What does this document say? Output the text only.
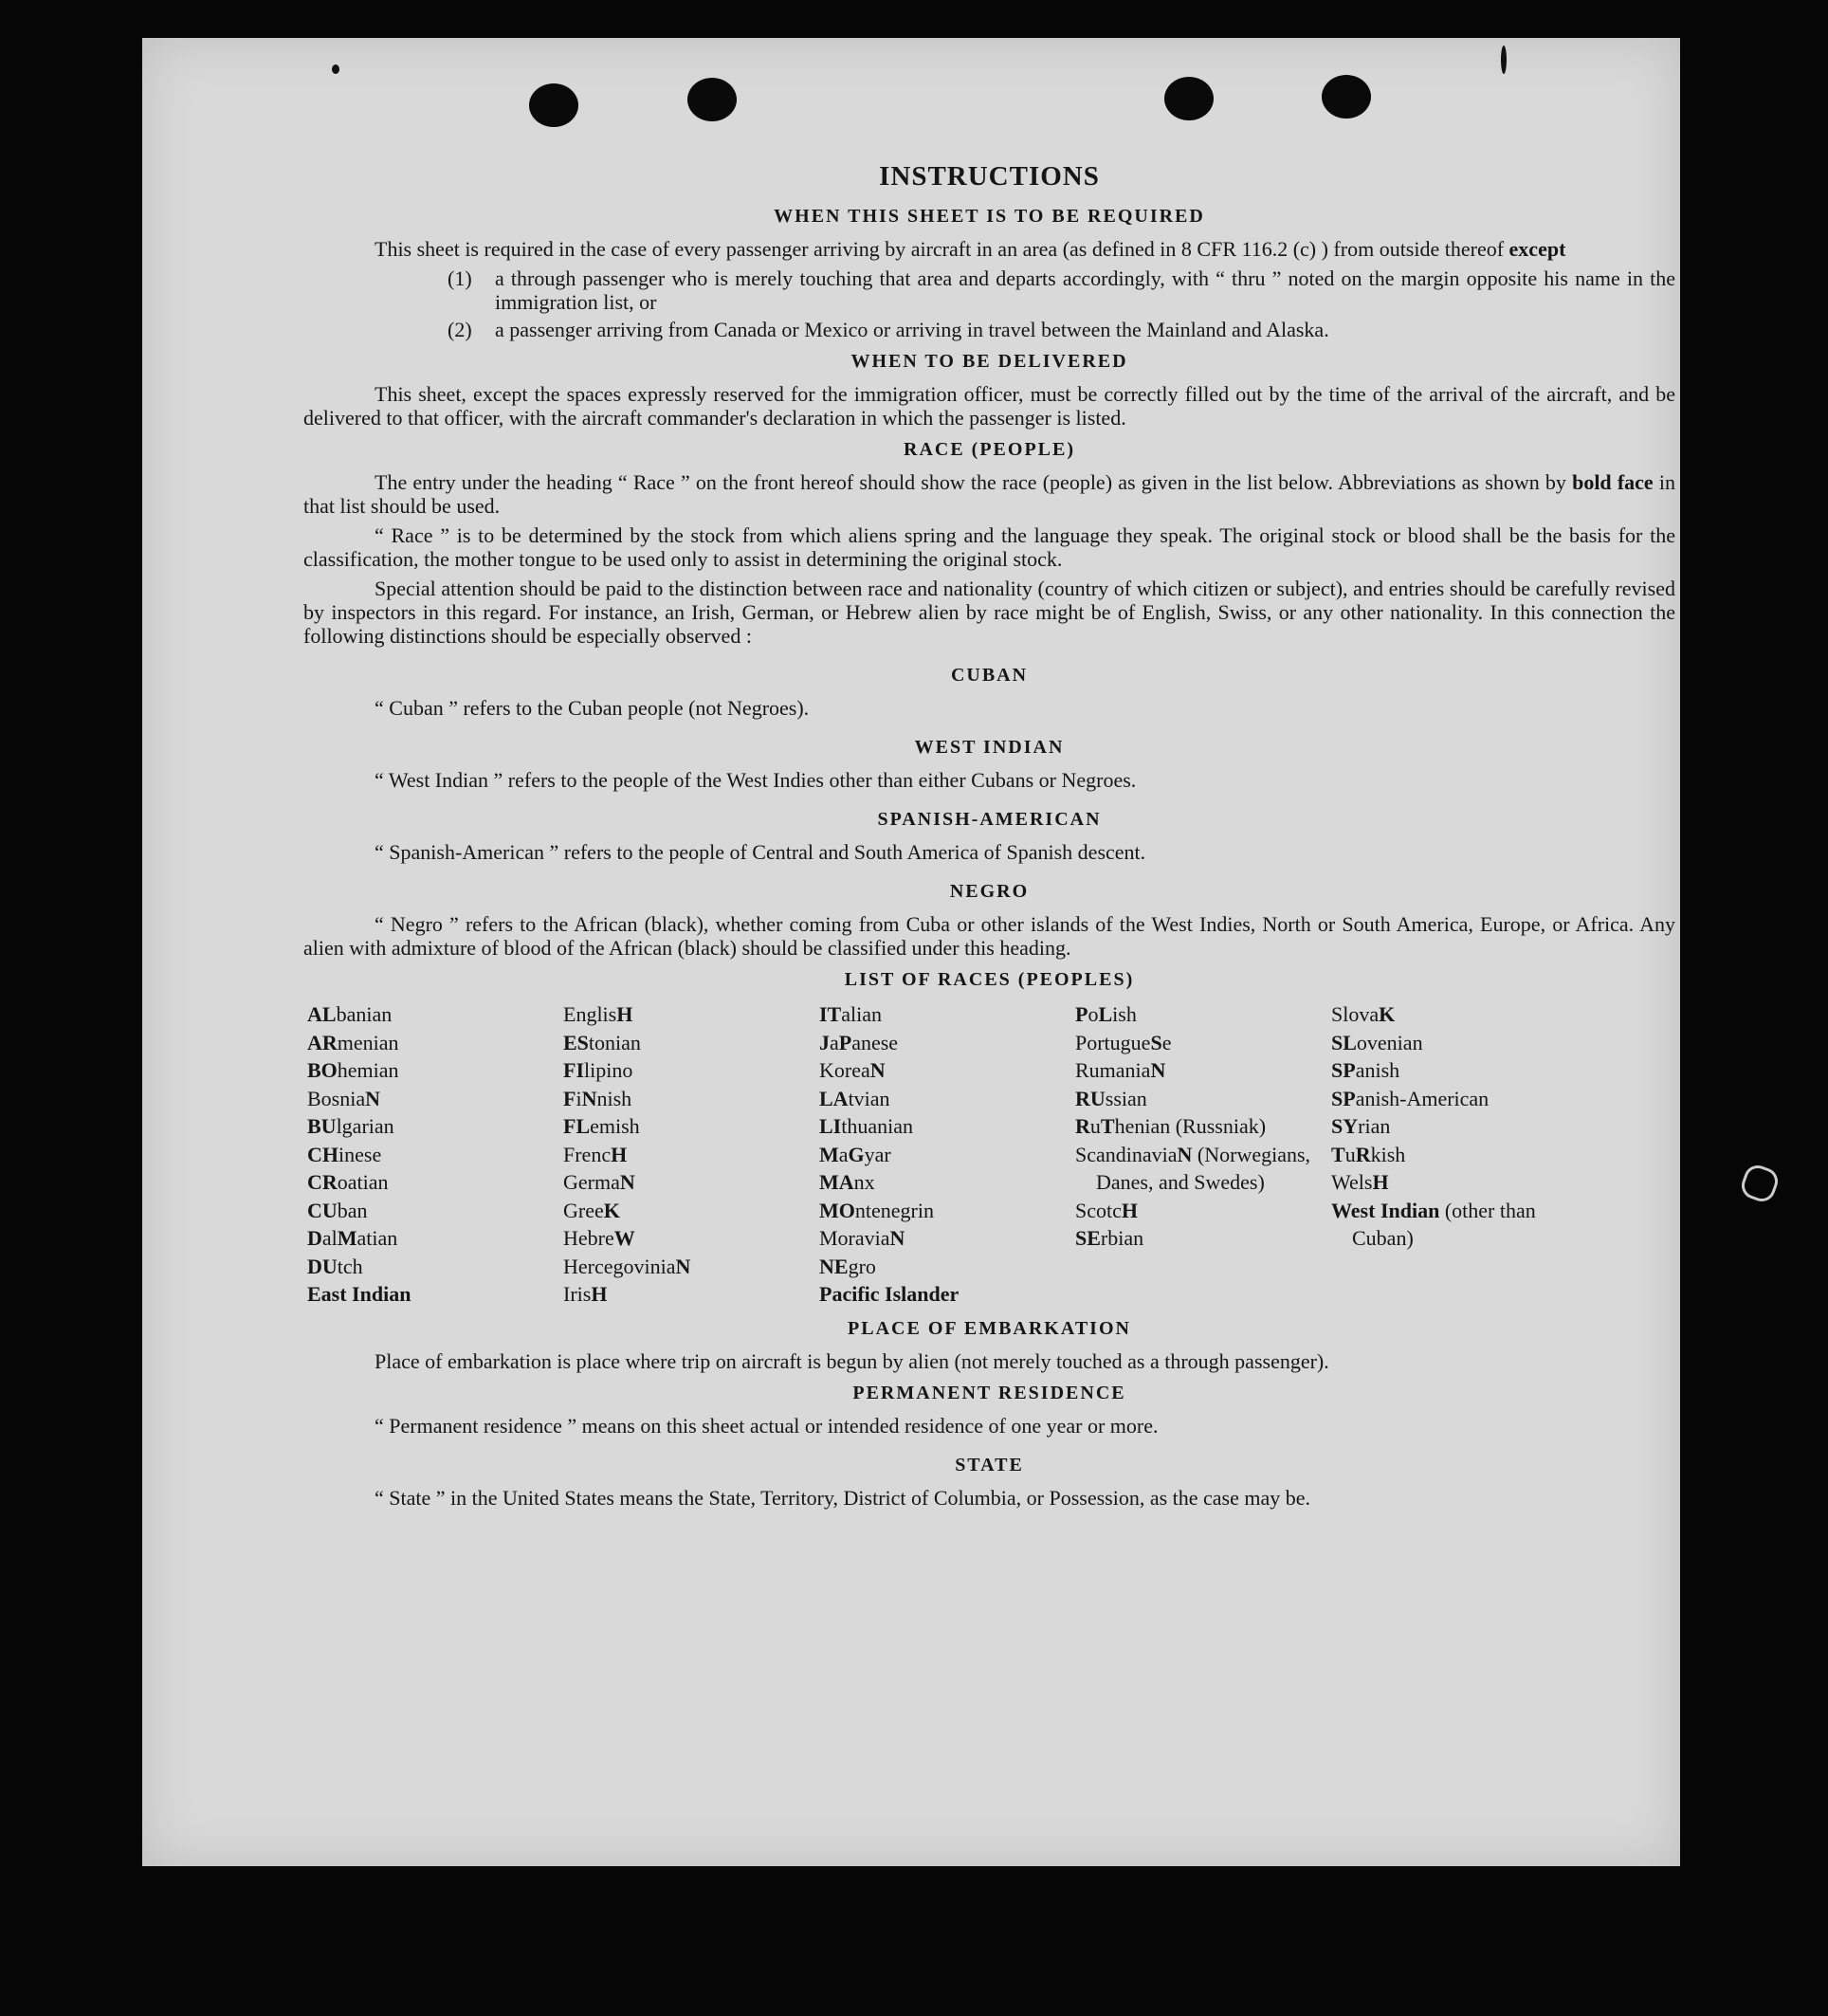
INSTRUCTIONS
WHEN THIS SHEET IS TO BE REQUIRED

This sheet is required in the case of every passenger arriving by aircraft in an area (as defined in 8 CFR 116.2 (c) ) from outside thereof except

(1)	a through passenger who is merely touching that area and departs accordingly, with “ thru ” noted on the margin opposite his name in the immigration list, or
(2)	a passenger arriving from Canada or Mexico or arriving in travel between the Mainland and Alaska.
WHEN TO BE DELIVERED

This sheet, except the spaces expressly reserved for the immigration officer, must be correctly filled out by the time of the arrival of the aircraft, and be delivered to that officer, with the aircraft commander's declaration in which the passenger is listed.

RACE (PEOPLE)

The entry under the heading “ Race ” on the front hereof should show the race (people) as given in the list below. Abbreviations as shown by bold face in that list should be used.

“ Race ” is to be determined by the stock from which aliens spring and the language they speak. The original stock or blood shall be the basis for the classification, the mother tongue to be used only to assist in determining the original stock.

Special attention should be paid to the distinction between race and nationality (country of which citizen or subject), and entries should be carefully revised by inspectors in this regard. For instance, an Irish, German, or Hebrew alien by race might be of English, Swiss, or any other nationality. In this connection the following distinctions should be especially observed :

CUBAN

“ Cuban ” refers to the Cuban people (not Negroes).

WEST INDIAN

“ West Indian ” refers to the people of the West Indies other than either Cubans or Negroes.

SPANISH-AMERICAN

“ Spanish-American ” refers to the people of Central and South America of Spanish descent.

NEGRO

“ Negro ” refers to the African (black), whether coming from Cuba or other islands of the West Indies, North or South America, Europe, or Africa. Any alien with admixture of blood of the African (black) should be classified under this heading.

LIST OF RACES (PEOPLES)
ALbanian
ARmenian
BOhemian
BosniaN
BUlgarian
CHinese
CRoatian
CUban
DalMatian
DUtch
East Indian
EnglisH
EStonian
FIlipino
FiNnish
FLemish
FrencH
GermaN
GreeK
HebreW
HercegoviniaN
IrisH
ITalian
JaPanese
KoreaN
LAtvian
LIthuanian
MaGyar
MAnx
MOntenegrin
MoraviaN
NEgro
Pacific Islander
PoLish
PortugueSe
RumaniaN
RUssian
RuThenian (Russniak)
ScandinaviaN (Norwegians, Danes, and Swedes)
ScotcH
SErbian
SlovaK
SLovenian
SPanish
SPanish-American
SYrian
TuRkish
WelsH
West Indian (other than Cuban)
PLACE OF EMBARKATION

Place of embarkation is place where trip on aircraft is begun by alien (not merely touched as a through passenger).

PERMANENT RESIDENCE

“ Permanent residence ” means on this sheet actual or intended residence of one year or more.

STATE

“ State ” in the United States means the State, Territory, District of Columbia, or Possession, as the case may be.
